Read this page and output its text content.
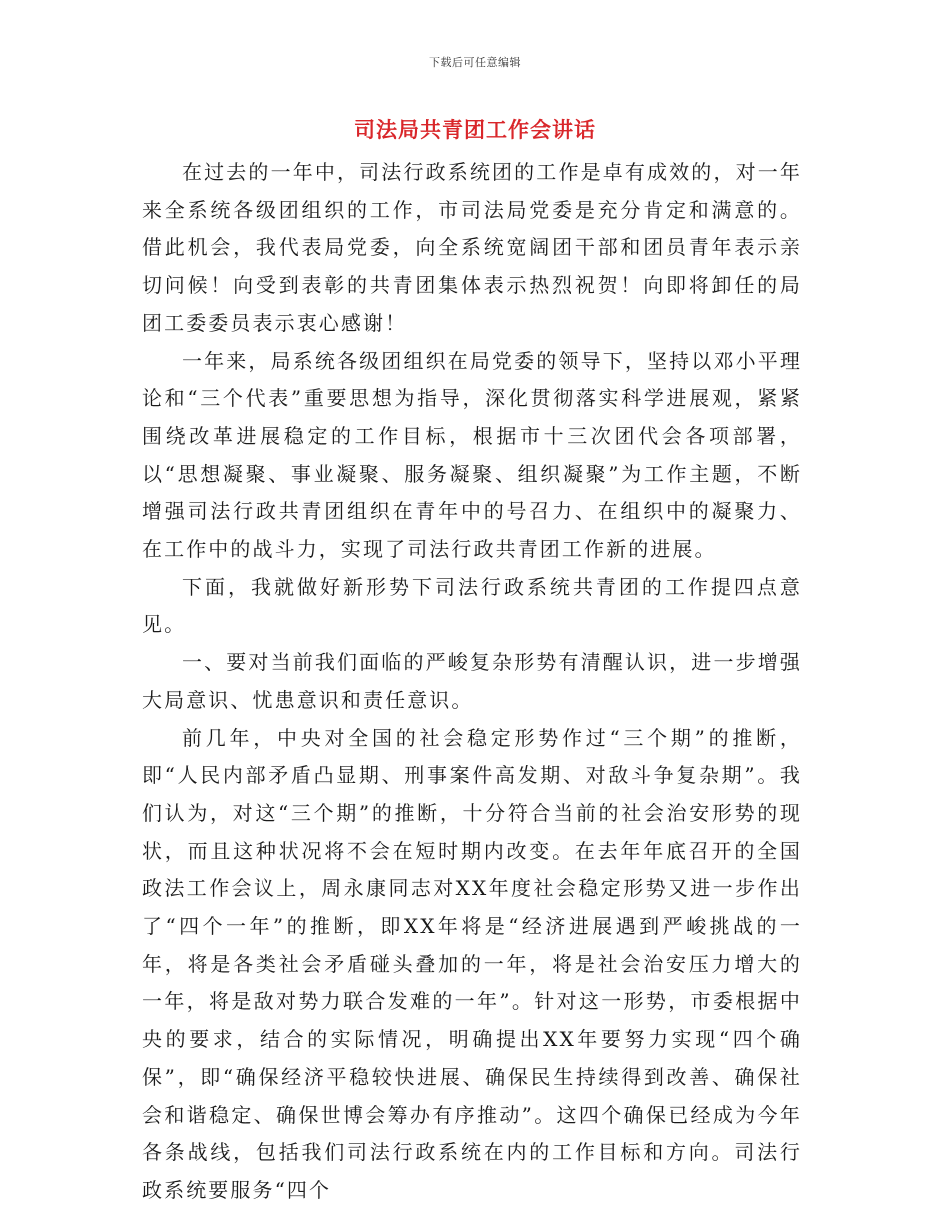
下载后可任意编辑
司法局共青团工作会讲话

在过去的一年中，司法行政系统团的工作是卓有成效的，对一年来全系统各级团组织的工作，市司法局党委是充分肯定和满意的。借此机会，我代表局党委，向全系统宽阔团干部和团员青年表示亲切问候！向受到表彰的共青团集体表示热烈祝贺！向即将卸任的局团工委委员表示衷心感谢！

一年来，局系统各级团组织在局党委的领导下，坚持以邓小平理论和“三个代表”重要思想为指导，深化贯彻落实科学进展观，紧紧围绕改革进展稳定的工作目标，根据市十三次团代会各项部署，以“思想凝聚、事业凝聚、服务凝聚、组织凝聚”为工作主题，不断增强司法行政共青团组织在青年中的号召力、在组织中的凝聚力、在工作中的战斗力，实现了司法行政共青团工作新的进展。

下面，我就做好新形势下司法行政系统共青团的工作提四点意见。

一、要对当前我们面临的严峻复杂形势有清醒认识，进一步增强大局意识、忧患意识和责任意识。

前几年，中央对全国的社会稳定形势作过“三个期”的推断，即“人民内部矛盾凸显期、刑事案件高发期、对敌斗争复杂期”。我们认为，对这“三个期”的推断，十分符合当前的社会治安形势的现状，而且这种状况将不会在短时期内改变。在去年年底召开的全国政法工作会议上，周永康同志对XX年度社会稳定形势又进一步作出了“四个一年”的推断，即XX年将是“经济进展遇到严峻挑战的一年，将是各类社会矛盾碰头叠加的一年，将是社会治安压力增大的一年，将是敌对势力联合发难的一年”。针对这一形势，市委根据中央的要求，结合的实际情况，明确提出XX年要努力实现“四个确保”，即“确保经济平稳较快进展、确保民生持续得到改善、确保社会和谐稳定、确保世博会筹办有序推动”。这四个确保已经成为今年各条战线，包括我们司法行政系统在内的工作目标和方向。司法行政系统要服务“四个
